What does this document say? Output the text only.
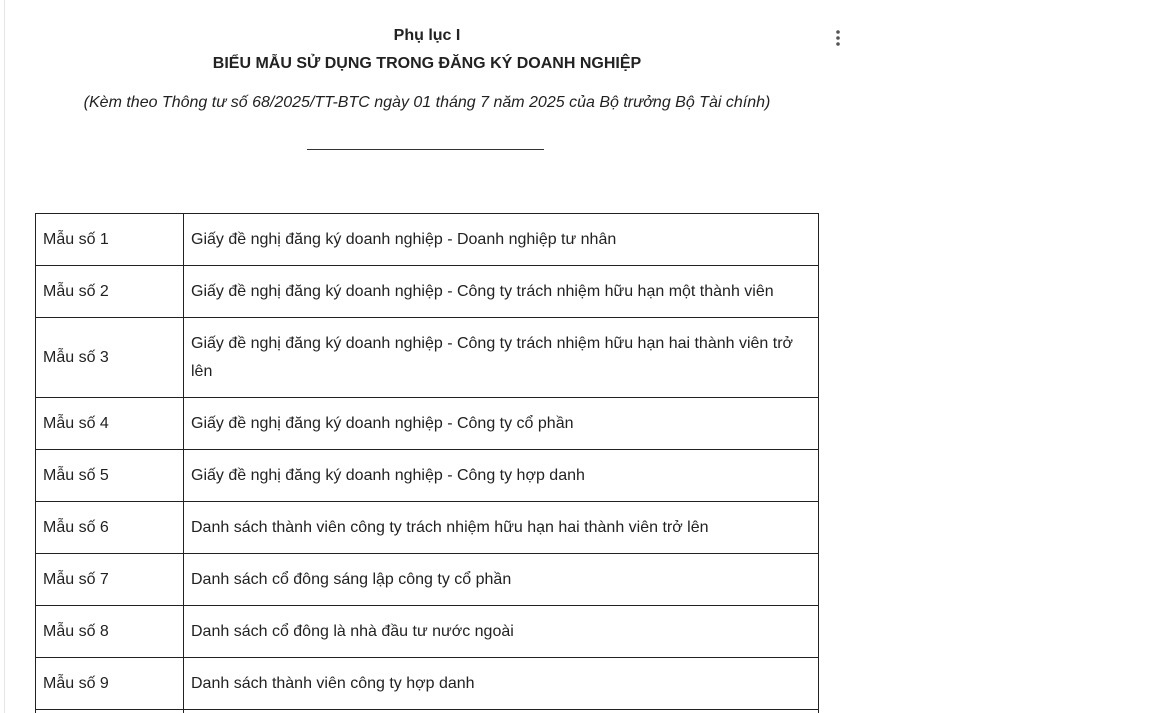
Phụ lục I
BIỂU MẪU SỬ DỤNG TRONG ĐĂNG KÝ DOANH NGHIỆP
(Kèm theo Thông tư số 68/2025/TT-BTC ngày 01 tháng 7 năm 2025 của Bộ trưởng Bộ Tài chính)
Mẫu số 1	Giấy đề nghị đăng ký doanh nghiệp - Doanh nghiệp tư nhân
Mẫu số 2	Giấy đề nghị đăng ký doanh nghiệp - Công ty trách nhiệm hữu hạn một thành viên
Mẫu số 3	Giấy đề nghị đăng ký doanh nghiệp - Công ty trách nhiệm hữu hạn hai thành viên trở lên
Mẫu số 4	Giấy đề nghị đăng ký doanh nghiệp - Công ty cổ phần
Mẫu số 5	Giấy đề nghị đăng ký doanh nghiệp - Công ty hợp danh
Mẫu số 6	Danh sách thành viên công ty trách nhiệm hữu hạn hai thành viên trở lên
Mẫu số 7	Danh sách cổ đông sáng lập công ty cổ phần
Mẫu số 8	Danh sách cổ đông là nhà đầu tư nước ngoài
Mẫu số 9	Danh sách thành viên công ty hợp danh
